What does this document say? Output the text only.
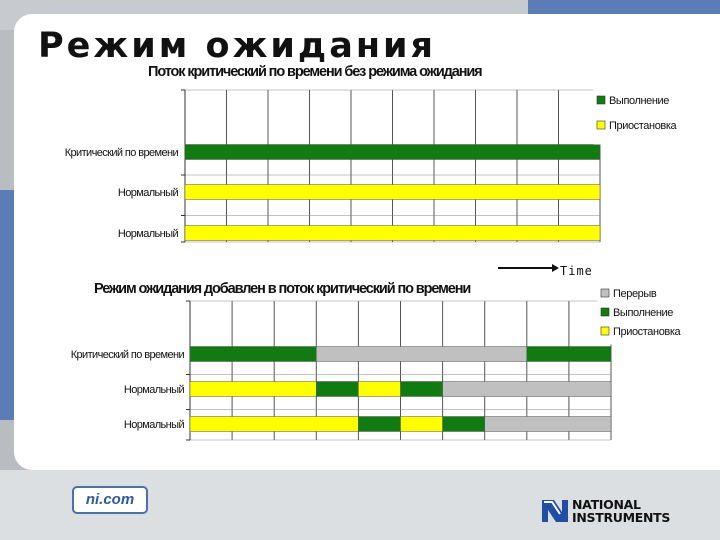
Режим ожидания
Поток критический по времени без режима ожидания
Режим ожидания добавлен в поток критический по времени
Критический по времени
Нормальный
Нормальный
Выполнение
Приостановка
Критический по времени
Нормальный
Нормальный
Перерыв
Выполнение
Приостановка
Time
ni.com	NATIONAL
INSTRUMENTS
